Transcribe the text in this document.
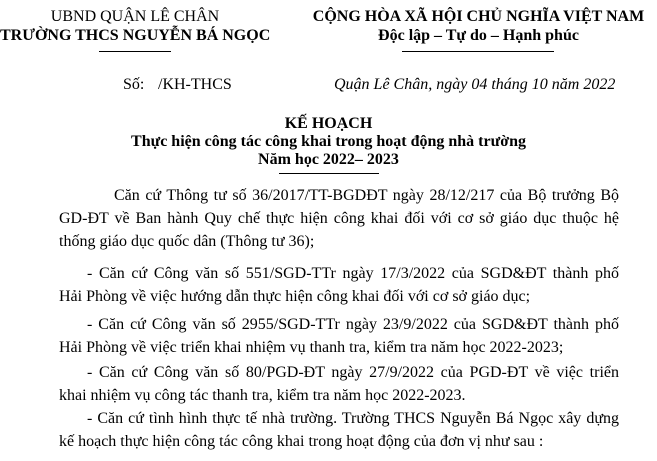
UBND QUẬN LÊ CHÂN
TRƯỜNG THCS NGUYỄN BÁ NGỌC
Số: /KH-THCS
CỘNG HÒA XÃ HỘI CHỦ NGHĨA VIỆT NAM
Độc lập – Tự do – Hạnh phúc
Quận Lê Chân, ngày 04 tháng 10 năm 2022
KẾ HOẠCH
Thực hiện công tác công khai trong hoạt động nhà trường
Năm học 2022– 2023
Căn cứ Thông tư số 36/2017/TT-BGDĐT ngày 28/12/217 của Bộ trưởng Bộ
GD-ĐT về Ban hành Quy chế thực hiện công khai đối với cơ sở giáo dục thuộc hệ
thống giáo dục quốc dân (Thông tư 36);
- Căn cứ Công văn số 551/SGD-TTr ngày 17/3/2022 của SGD&ĐT thành phố
Hải Phòng về việc hướng dẫn thực hiện công khai đối với cơ sở giáo dục;
- Căn cứ Công văn số 2955/SGD-TTr ngày 23/9/2022 của SGD&ĐT thành phố
Hải Phòng về việc triển khai nhiệm vụ thanh tra, kiểm tra năm học 2022-2023;
- Căn cứ Công văn số 80/PGD-ĐT ngày 27/9/2022 của PGD-ĐT về việc triển
khai nhiệm vụ công tác thanh tra, kiểm tra năm học 2022-2023.
- Căn cứ tình hình thực tế nhà trường. Trường THCS Nguyễn Bá Ngọc xây dựng
kế hoạch thực hiện công tác công khai trong hoạt động của đơn vị như sau :
